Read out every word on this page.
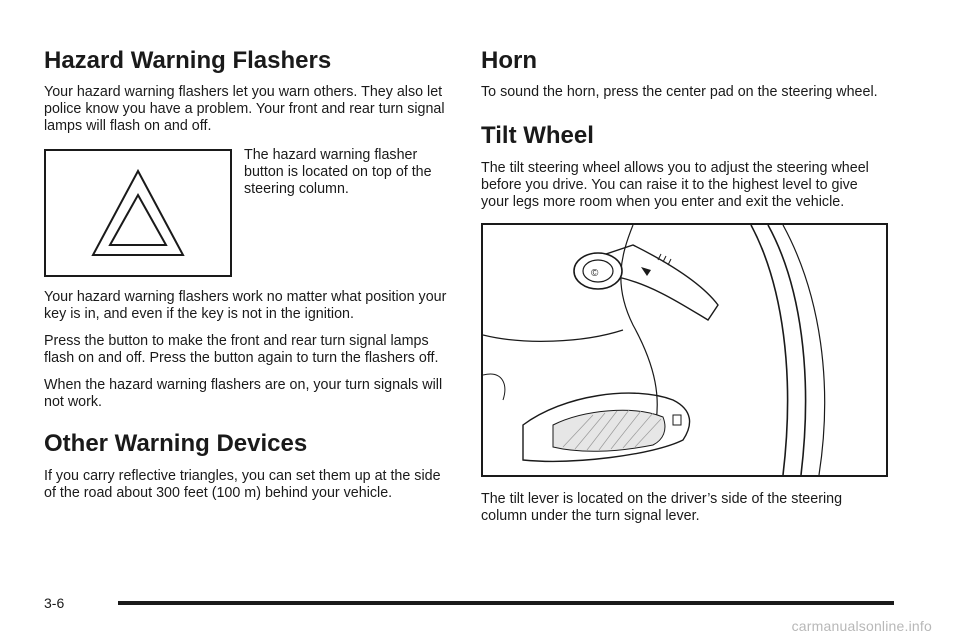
Hazard Warning Flashers

Your hazard warning flashers let you warn others. They also let police know you have a problem. Your front and rear turn signal lamps will flash on and off.

The hazard warning flasher button is located on top of the steering column.

Your hazard warning flashers work no matter what position your key is in, and even if the key is not in the ignition.

Press the button to make the front and rear turn signal lamps flash on and off. Press the button again to turn the flashers off.

When the hazard warning flashers are on, your turn signals will not work.

Other Warning Devices

If you carry reflective triangles, you can set them up at the side of the road about 300 feet (100 m) behind your vehicle.

Horn

To sound the horn, press the center pad on the steering wheel.

Tilt Wheel

The tilt steering wheel allows you to adjust the steering wheel before you drive. You can raise it to the highest level to give your legs more room when you enter and exit the vehicle.

©

The tilt lever is located on the driver’s side of the steering column under the turn signal lever.

3-6
carmanualsonline.info
